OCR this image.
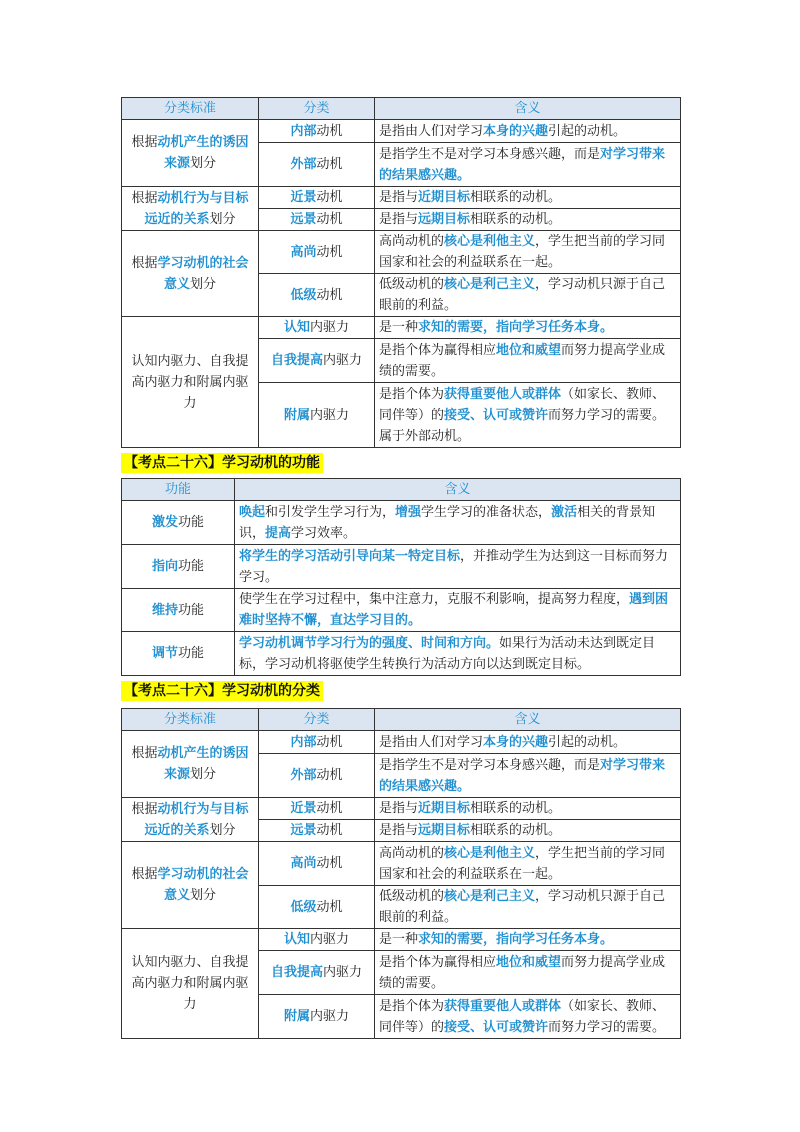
分类标准	分类	含义
根据动机产生的诱因来源划分	内部动机	是指由人们对学习本身的兴趣引起的动机。
	外部动机	是指学生不是对学习本身感兴趣，而是对学习带来的结果感兴趣。
根据动机行为与目标远近的关系划分	近景动机	是指与近期目标相联系的动机。
	远景动机	是指与远期目标相联系的动机。
根据学习动机的社会意义划分	高尚动机	高尚动机的核心是利他主义，学生把当前的学习同国家和社会的利益联系在一起。
	低级动机	低级动机的核心是利己主义，学习动机只源于自己眼前的利益。
认知内驱力、自我提高内驱力和附属内驱力	认知内驱力	是一种求知的需要，指向学习任务本身。
	自我提高内驱力	是指个体为赢得相应地位和威望而努力提高学业成绩的需要。
	附属内驱力	是指个体为获得重要他人或群体（如家长、教师、同伴等）的接受、认可或赞许而努力学习的需要。属于外部动机。
【考点二十六】学习动机的功能
功能	含义
激发功能	唤起和引发学生学习行为，增强学生学习的准备状态，激活相关的背景知识，提高学习效率。
指向功能	将学生的学习活动引导向某一特定目标，并推动学生为达到这一目标而努力学习。
维持功能	使学生在学习过程中，集中注意力，克服不利影响，提高努力程度，遇到困难时坚持不懈，直达学习目的。
调节功能	学习动机调节学习行为的强度、时间和方向。如果行为活动未达到既定目标，学习动机将驱使学生转换行为活动方向以达到既定目标。
【考点二十六】学习动机的分类
分类标准	分类	含义
根据动机产生的诱因来源划分	内部动机	是指由人们对学习本身的兴趣引起的动机。
	外部动机	是指学生不是对学习本身感兴趣，而是对学习带来的结果感兴趣。
根据动机行为与目标远近的关系划分	近景动机	是指与近期目标相联系的动机。
	远景动机	是指与远期目标相联系的动机。
根据学习动机的社会意义划分	高尚动机	高尚动机的核心是利他主义，学生把当前的学习同国家和社会的利益联系在一起。
	低级动机	低级动机的核心是利己主义，学习动机只源于自己眼前的利益。
认知内驱力、自我提高内驱力和附属内驱力	认知内驱力	是一种求知的需要，指向学习任务本身。
	自我提高内驱力	是指个体为赢得相应地位和威望而努力提高学业成绩的需要。
	附属内驱力	是指个体为获得重要他人或群体（如家长、教师、同伴等）的接受、认可或赞许而努力学习的需要。
